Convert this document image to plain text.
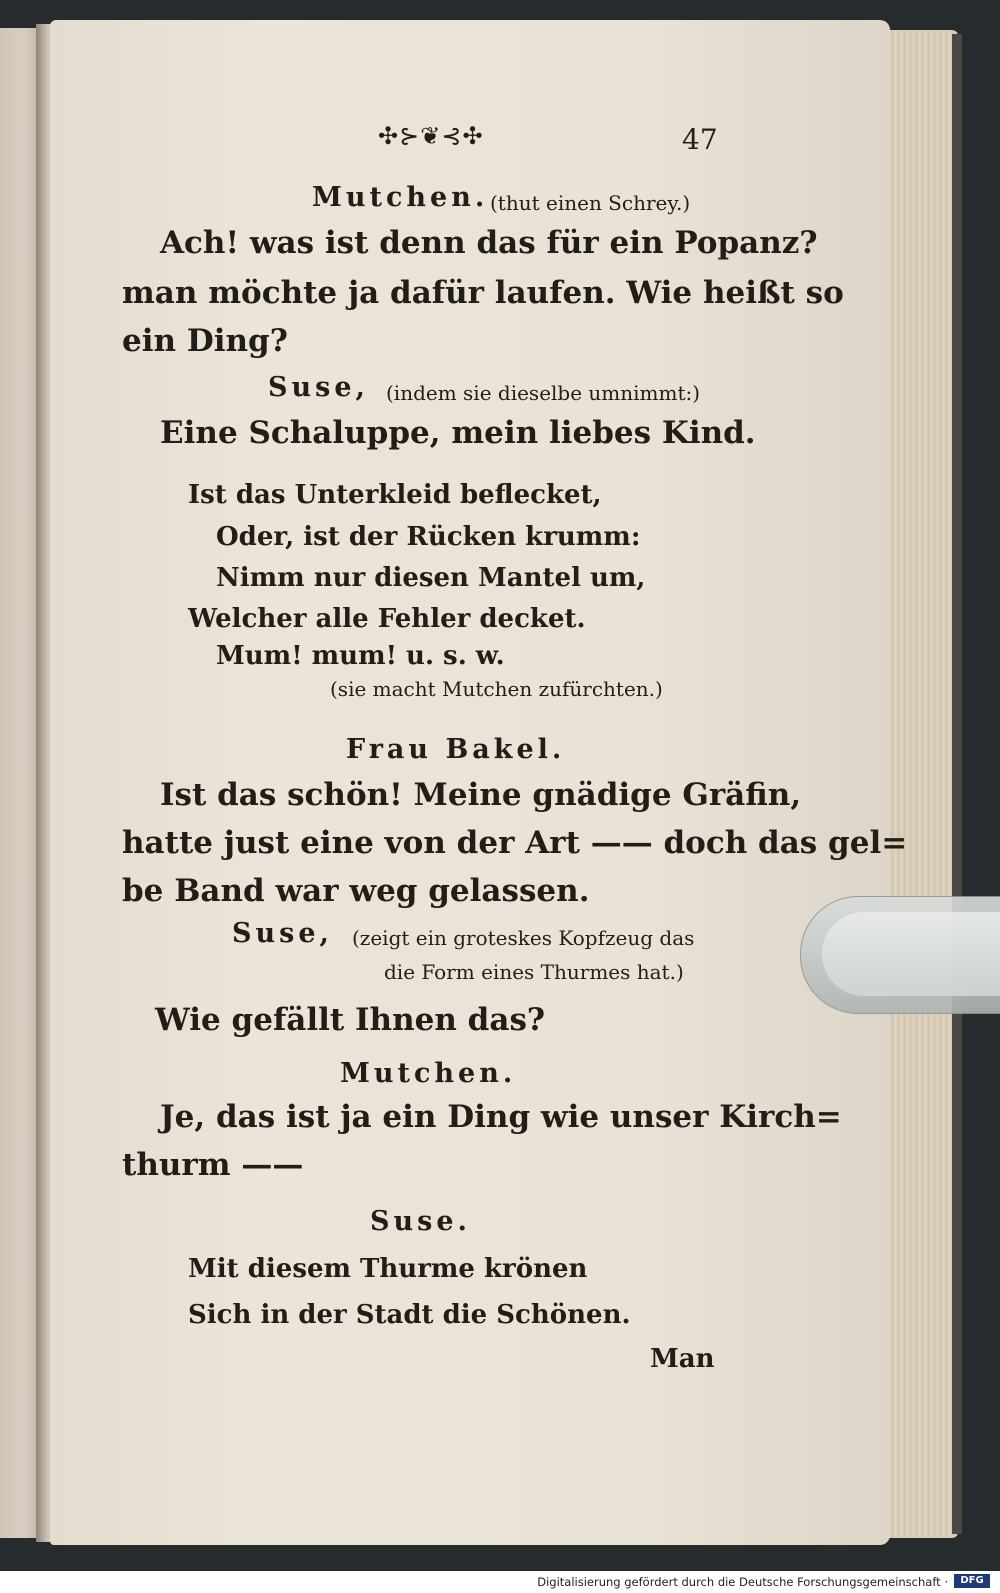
✣⊱❦⊰✣	47
Mutchen. (thut einen Schrey.)
Ach! was ist denn das für ein Popanz?
man möchte ja dafür laufen. Wie heißt so
ein Ding?
Suse, (indem sie dieselbe umnimmt:)
Eine Schaluppe, mein liebes Kind.
Ist das Unterkleid beflecket,
Oder, ist der Rücken krumm:
Nimm nur diesen Mantel um,
Welcher alle Fehler decket.
Mum! mum! u. s. w.
(sie macht Mutchen zufürchten.)
Frau Bakel.
Ist das schön! Meine gnädige Gräfin,
hatte just eine von der Art —— doch das gel=
be Band war weg gelassen.
Suse, (zeigt ein groteskes Kopfzeug das
die Form eines Thurmes hat.)
Wie gefällt Ihnen das?
Mutchen.
Je, das ist ja ein Ding wie unser Kirch=
thurm ——
Suse.
Mit diesem Thurme krönen
Sich in der Stadt die Schönen.
Man
Digitalisierung gefördert durch die Deutsche Forschungsgemeinschaft ·	DFG
